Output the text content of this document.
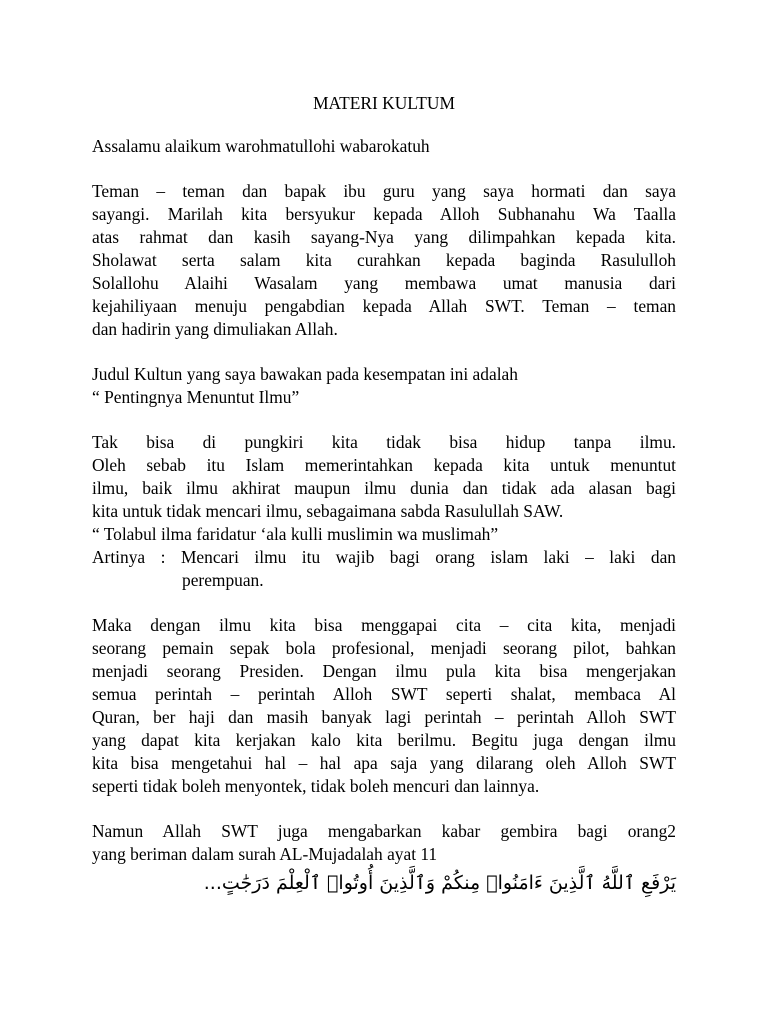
MATERI KULTUM
Assalamu alaikum warohmatullohi wabarokatuh
Teman – teman dan bapak ibu guru yang saya hormati dan saya
sayangi. Marilah kita bersyukur kepada Alloh Subhanahu Wa Taalla
atas rahmat dan kasih sayang-Nya yang dilimpahkan kepada kita.
Sholawat serta salam kita curahkan kepada baginda Rasululloh
Solallohu Alaihi Wasalam yang membawa umat manusia dari
kejahiliyaan menuju pengabdian kepada Allah SWT. Teman – teman
dan hadirin yang dimuliakan Allah.
Judul Kultun yang saya bawakan pada kesempatan ini adalah
“ Pentingnya Menuntut Ilmu”
Tak bisa di pungkiri kita tidak bisa hidup tanpa ilmu.
Oleh sebab itu Islam memerintahkan kepada kita untuk menuntut
ilmu, baik ilmu akhirat maupun ilmu dunia dan tidak ada alasan bagi
kita untuk tidak mencari ilmu, sebagaimana sabda Rasulullah SAW.
“ Tolabul ilma faridatur ‘ala kulli muslimin wa muslimah”
Artinya : Mencari ilmu itu wajib bagi orang islam laki – laki dan
perempuan.
Maka dengan ilmu kita bisa menggapai cita – cita kita, menjadi
seorang pemain sepak bola profesional, menjadi seorang pilot, bahkan
menjadi seorang Presiden. Dengan ilmu pula kita bisa mengerjakan
semua perintah – perintah Alloh SWT seperti shalat, membaca Al
Quran, ber haji dan masih banyak lagi perintah – perintah Alloh SWT
yang dapat kita kerjakan kalo kita berilmu. Begitu juga dengan ilmu
kita bisa mengetahui hal – hal apa saja yang dilarang oleh Alloh SWT
seperti tidak boleh menyontek, tidak boleh mencuri dan lainnya.
Namun Allah SWT juga mengabarkan kabar gembira bagi orang2
yang beriman dalam surah AL-Mujadalah ayat 11
يَرْفَعِ ٱللَّهُ ٱلَّذِينَ ءَامَنُوا۟ مِنكُمْ وَٱلَّذِينَ أُوتُوا۟ ٱلْعِلْمَ دَرَجَٰتٍ...
